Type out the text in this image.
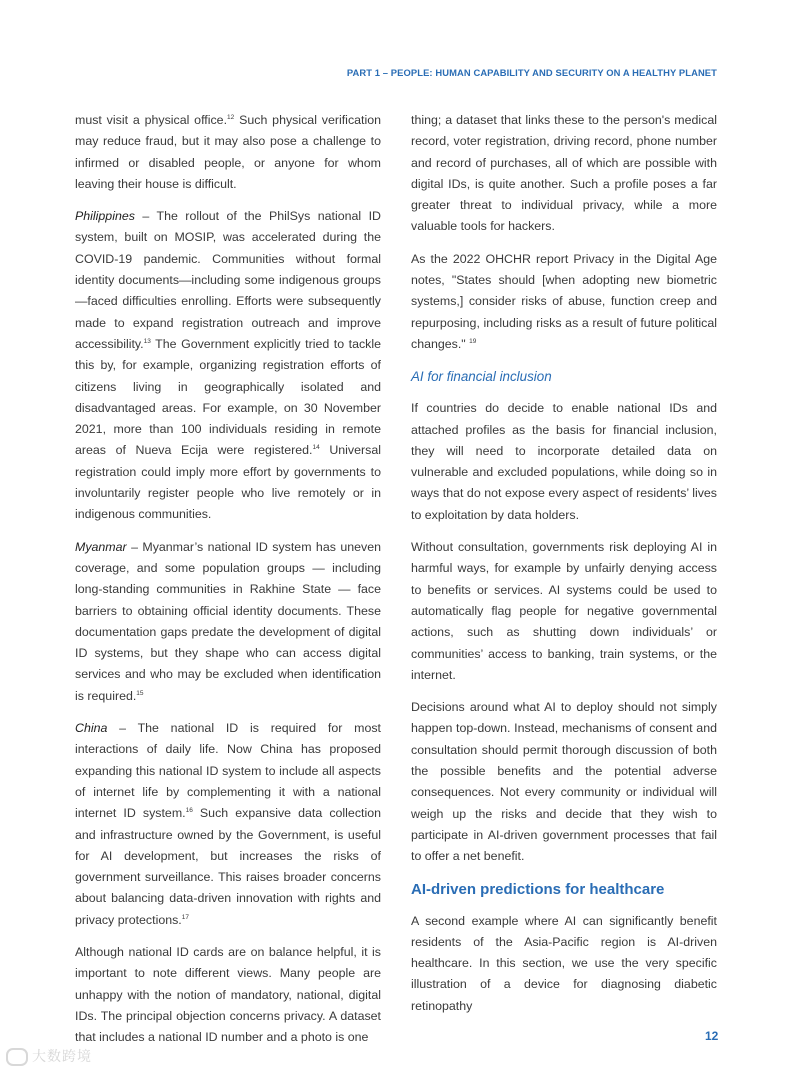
PART 1 – PEOPLE: HUMAN CAPABILITY AND SECURITY ON A HEALTHY PLANET

must visit a physical office.$^{12}$ Such physical verification may reduce fraud, but it may also pose a challenge to infirmed or disabled people, or anyone for whom leaving their house is difficult.

Philippines – The rollout of the PhilSys national ID system, built on MOSIP, was accelerated during the COVID-19 pandemic. Communities without formal identity documents—including some indigenous groups—faced difficulties enrolling. Efforts were subsequently made to expand registration outreach and improve accessibility.$^{13}$ The Government explicitly tried to tackle this by, for example, organizing registration efforts of citizens living in geographically isolated and disadvantaged areas. For example, on 30 November 2021, more than 100 individuals residing in remote areas of Nueva Ecija were registered.$^{14}$ Universal registration could imply more effort by governments to involuntarily register people who live remotely or in indigenous communities.

Myanmar – Myanmar’s national ID system has uneven coverage, and some population groups — including long-standing communities in Rakhine State — face barriers to obtaining official identity documents. These documentation gaps predate the development of digital ID systems, but they shape who can access digital services and who may be excluded when identification is required.$^{15}$

China – The national ID is required for most interactions of daily life. Now China has proposed expanding this national ID system to include all aspects of internet life by complementing it with a national internet ID system.$^{16}$ Such expansive data collection and infrastructure owned by the Government, is useful for AI development, but increases the risks of government surveillance. This raises broader concerns about balancing data-driven innovation with rights and privacy protections.$^{17}$

Although national ID cards are on balance helpful, it is important to note different views. Many people are unhappy with the notion of mandatory, national, digital IDs. The principal objection concerns privacy. A dataset that includes a national ID number and a photo is one

thing; a dataset that links these to the person's medical record, voter registration, driving record, phone number and record of purchases, all of which are possible with digital IDs, is quite another. Such a profile poses a far greater threat to individual privacy, while a more valuable tools for hackers.

As the 2022 OHCHR report Privacy in the Digital Age notes, "States should [when adopting new biometric systems,] consider risks of abuse, function creep and repurposing, including risks as a result of future political changes." $^{19}$

AI for financial inclusion

If countries do decide to enable national IDs and attached profiles as the basis for financial inclusion, they will need to incorporate detailed data on vulnerable and excluded populations, while doing so in ways that do not expose every aspect of residents’ lives to exploitation by data holders.

Without consultation, governments risk deploying AI in harmful ways, for example by unfairly denying access to benefits or services. AI systems could be used to automatically flag people for negative governmental actions, such as shutting down individuals’ or communities’ access to banking, train systems, or the internet.

Decisions around what AI to deploy should not simply happen top-down. Instead, mechanisms of consent and consultation should permit thorough discussion of both the possible benefits and the potential adverse consequences. Not every community or individual will weigh up the risks and decide that they wish to participate in AI-driven government processes that fail to offer a net benefit.

AI-driven predictions for healthcare

A second example where AI can significantly benefit residents of the Asia-Pacific region is AI-driven healthcare. In this section, we use the very specific illustration of a device for diagnosing diabetic retinopathy

12
大数跨境
